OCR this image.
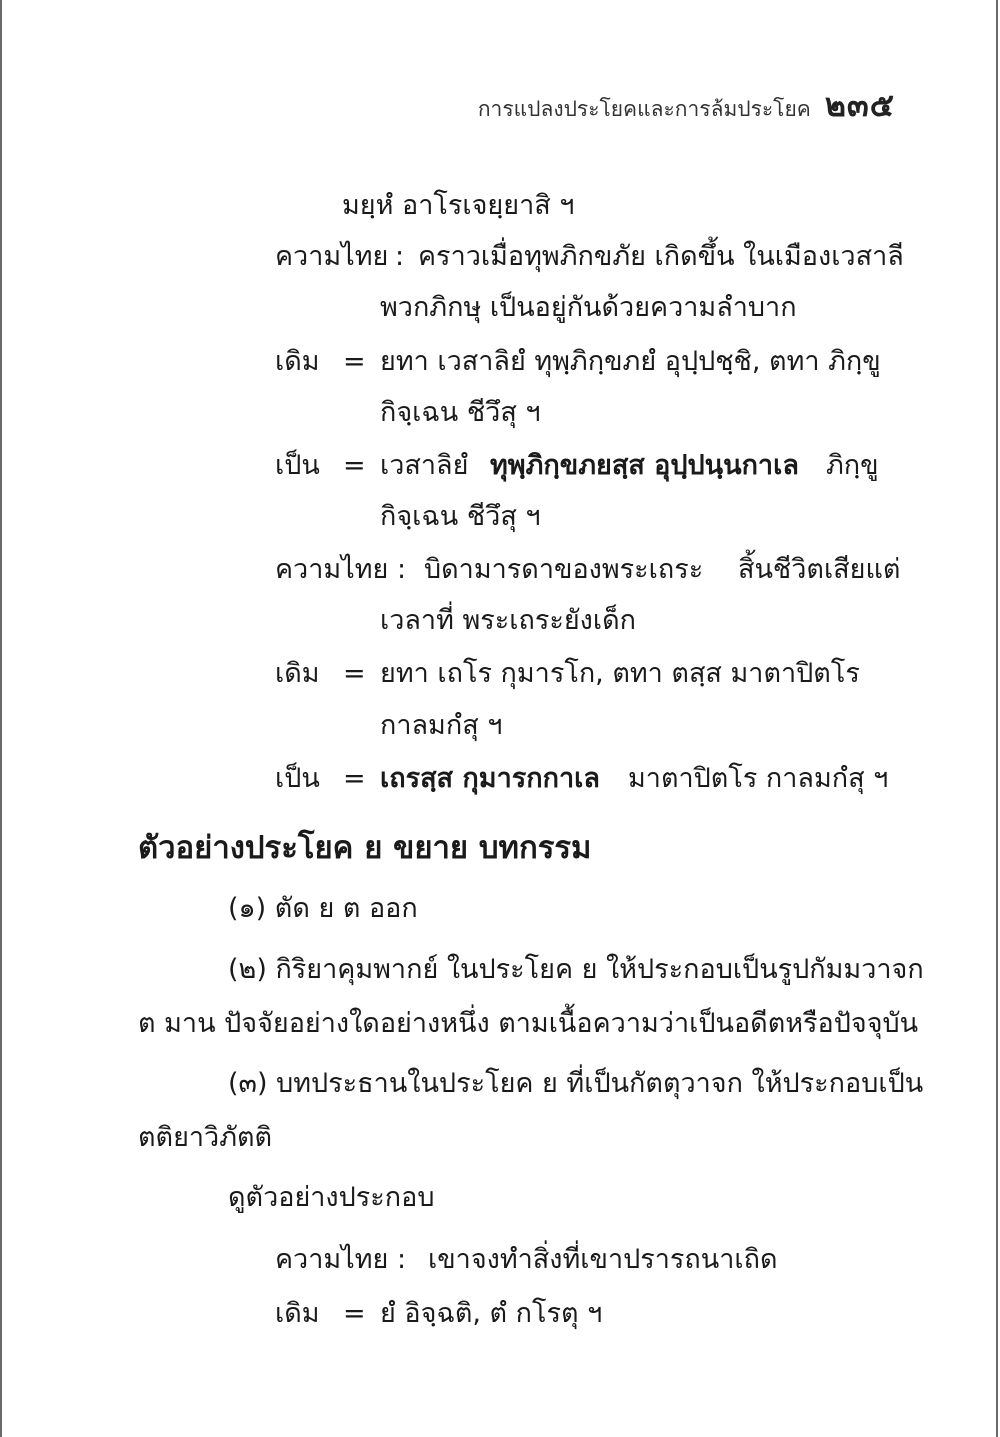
การแปลงประโยคและการล้มประโยค ๒๓๕
มยฺหํ อาโรเจยฺยาสิ ฯ
ความไทย : คราวเมื่อทุพภิกขภัย เกิดขึ้น ในเมืองเวสาลี
พวกภิกษุ เป็นอยู่กันด้วยความลำบาก
เดิม = ยทา เวสาลิยํ ทุพฺภิกฺขภยํ อุปฺปชฺชิ, ตทา ภิกฺขู
กิจฺเฉน ชีวึสุ ฯ
เป็น = เวสาลิยํ ทุพฺภิกฺขภยสฺส อุปฺปนฺนกาเล ภิกฺขู
กิจฺเฉน ชีวึสุ ฯ
ความไทย : บิดามารดาของพระเถระ สิ้นชีวิตเสียแต่
เวลาที่ พระเถระยังเด็ก
เดิม = ยทา เถโร กุมารโก, ตทา ตสฺส มาตาปิตโร
กาลมกํสุ ฯ
เป็น = เถรสฺส กุมารกกาเล มาตาปิตโร กาลมกํสุ ฯ
ตัวอย่างประโยค ย ขยาย บทกรรม
(๑) ตัด ย ต ออก
(๒) กิริยาคุมพากย์ ในประโยค ย ให้ประกอบเป็นรูปกัมมวาจก
ต มาน ปัจจัยอย่างใดอย่างหนึ่ง ตามเนื้อความว่าเป็นอดีตหรือปัจจุบัน
(๓) บทประธานในประโยค ย ที่เป็นกัตตุวาจก ให้ประกอบเป็น
ตติยาวิภัตติ
ดูตัวอย่างประกอบ
ความไทย : เขาจงทำสิ่งที่เขาปรารถนาเถิด
เดิม = ยํ อิจฺฉติ, ตํ กโรตุ ฯ
